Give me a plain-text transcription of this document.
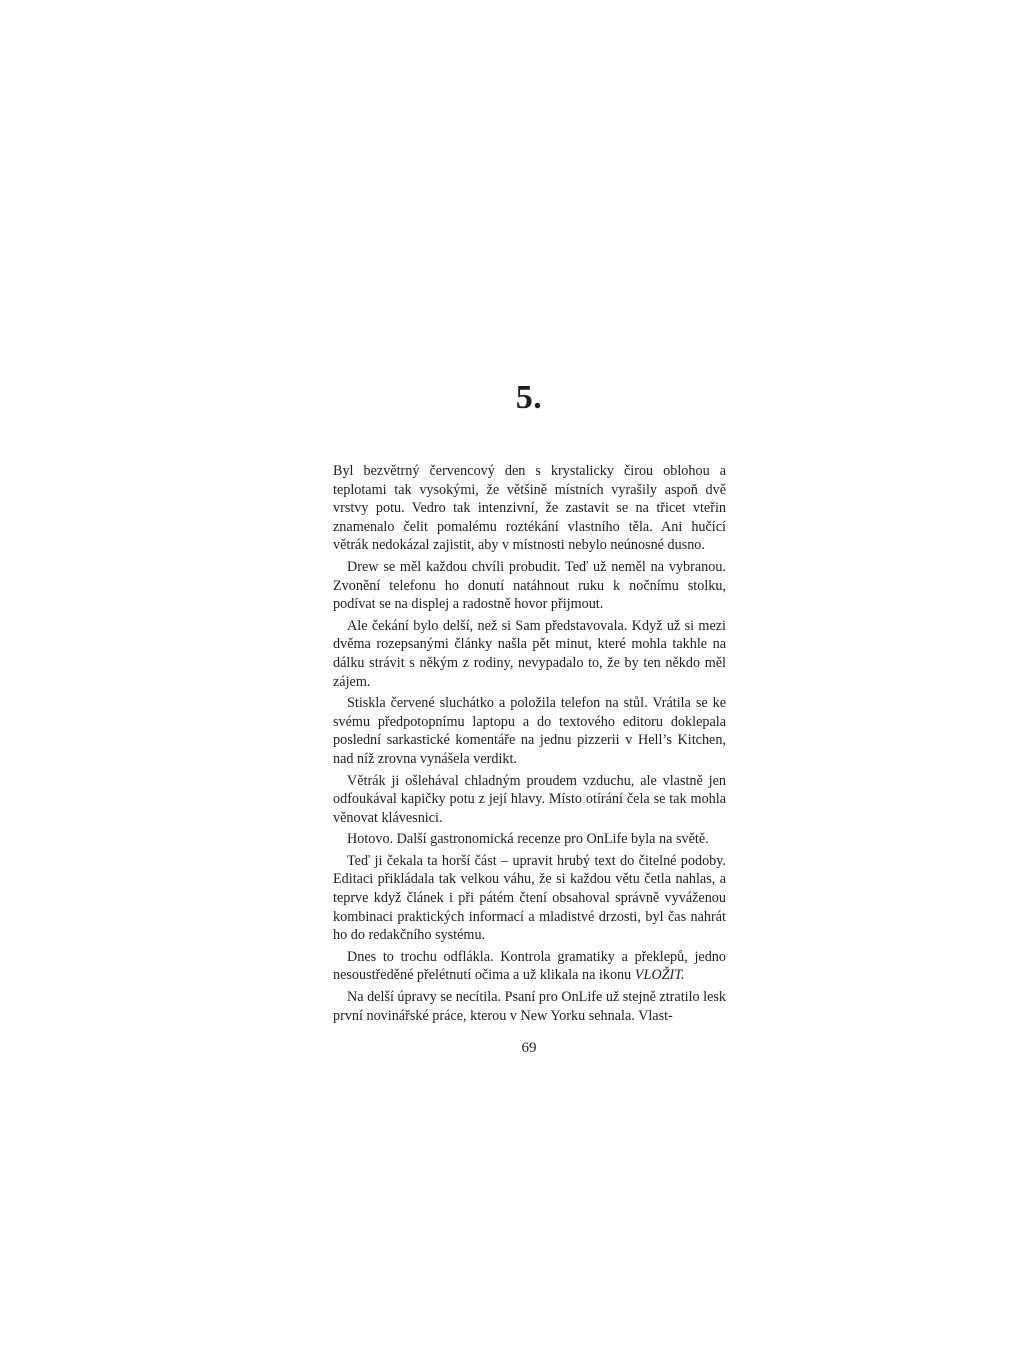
5.

Byl bezvětrný červencový den s krystalicky čirou oblohou a teplotami tak vysokými, že většině místních vyrašily aspoň dvě vrstvy potu. Vedro tak intenzivní, že zastavit se na třicet vteřin znamenalo čelit pomalému roztékání vlastního těla. Ani hučící větrák nedokázal zajistit, aby v místnosti nebylo neúnosné dusno.

Drew se měl každou chvíli probudit. Teď už neměl na vybranou. Zvonění telefonu ho donutí natáhnout ruku k nočnímu stolku, podívat se na displej a radostně hovor přijmout.

Ale čekání bylo delší, než si Sam představovala. Když už si mezi dvěma rozepsanými články našla pět minut, které mohla takhle na dálku strávit s někým z rodiny, nevypadalo to, že by ten někdo měl zájem.

Stiskla červené sluchátko a položila telefon na stůl. Vrátila se ke svému předpotopnímu laptopu a do textového editoru doklepala poslední sarkastické komentáře na jednu pizzerii v Hell’s Kitchen, nad níž zrovna vynášela verdikt.

Větrák ji ošlehával chladným proudem vzduchu, ale vlastně jen odfoukával kapičky potu z její hlavy. Místo otírání čela se tak mohla věnovat klávesnici.

Hotovo. Další gastronomická recenze pro OnLife byla na světě.

Teď ji čekala ta horší část – upravit hrubý text do čitelné podoby. Editaci přikládala tak velkou váhu, že si každou větu četla nahlas, a teprve když článek i při pátém čtení obsahoval správně vyváženou kombinaci praktických informací a mladistvé drzosti, byl čas nahrát ho do redakčního systému.

Dnes to trochu odflákla. Kontrola gramatiky a překlepů, jedno nesoustředěné přelétnutí očima a už klikala na ikonu VLOŽIT.

Na delší úpravy se necítila. Psaní pro OnLife už stejně ztratilo lesk první novinářské práce, kterou v New Yorku sehnala. Vlast-

69
